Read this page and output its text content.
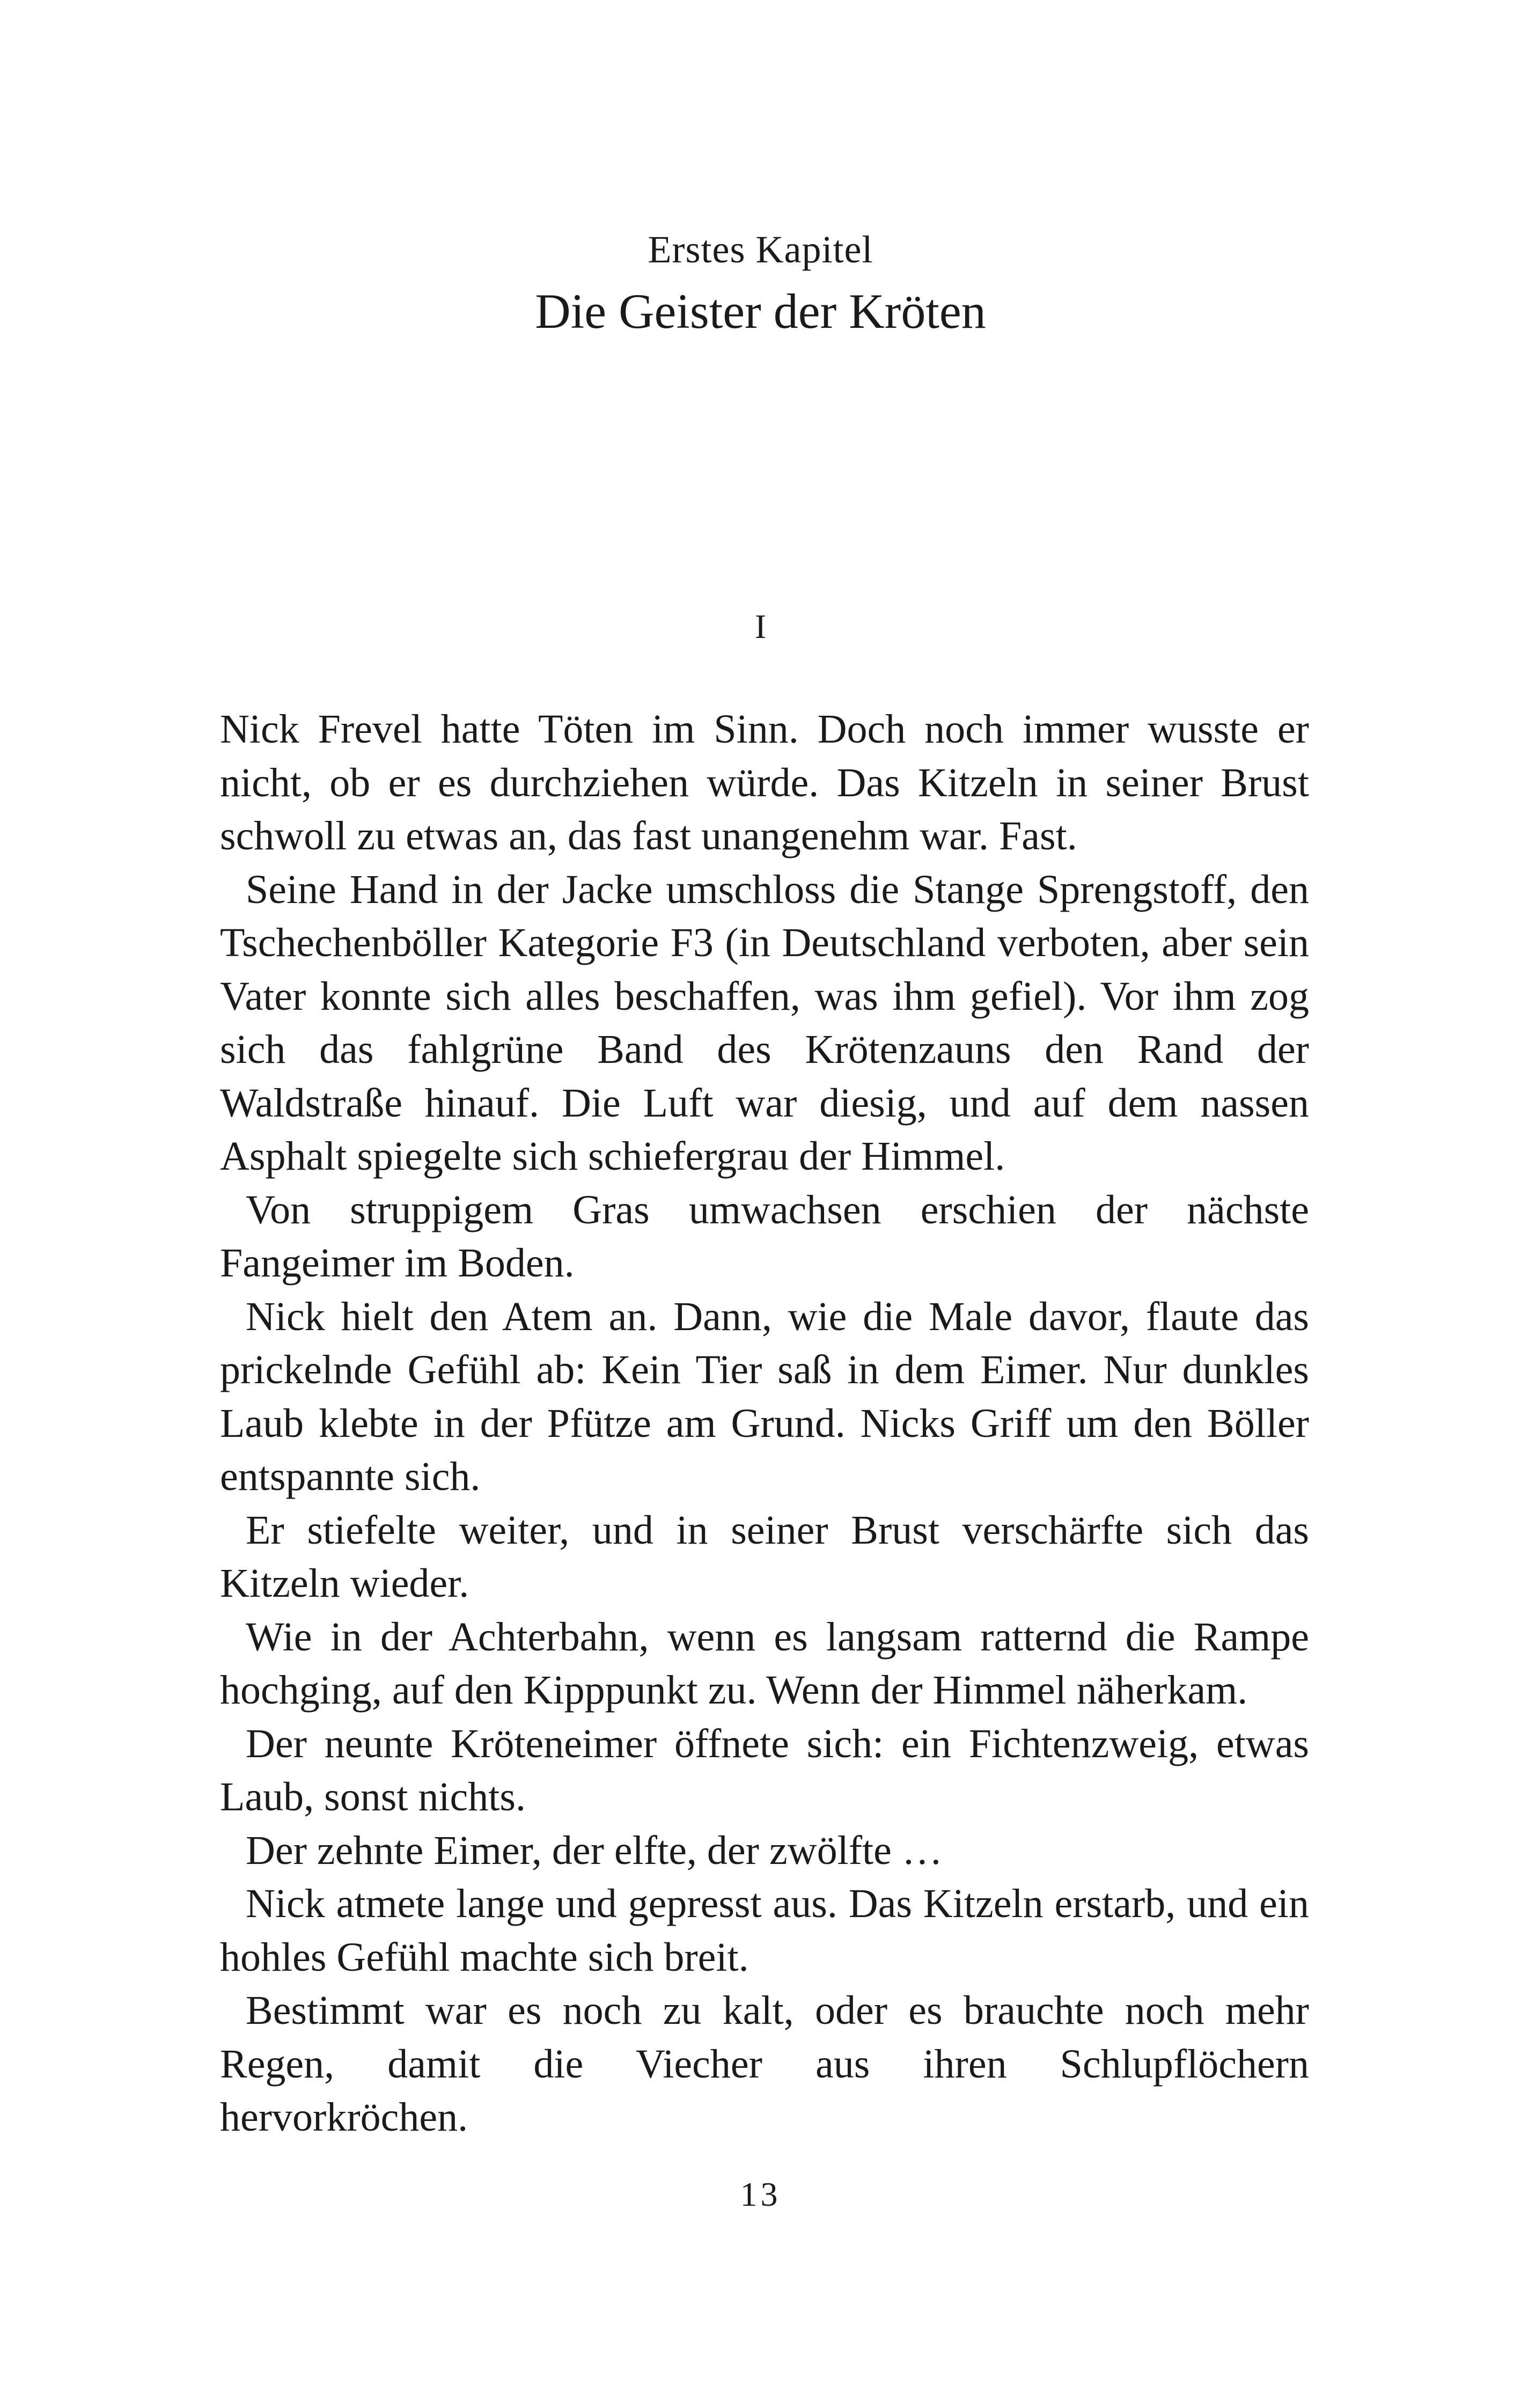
Erstes Kapitel
Die Geister der Kröten
I

Nick Frevel hatte Töten im Sinn. Doch noch immer wusste er nicht, ob er es durchziehen würde. Das Kitzeln in seiner Brust schwoll zu etwas an, das fast unangenehm war. Fast.

Seine Hand in der Jacke umschloss die Stange Sprengstoff, den Tschechenböller Kategorie F3 (in Deutschland verboten, aber sein Vater konnte sich alles beschaffen, was ihm gefiel). Vor ihm zog sich das fahlgrüne Band des Krötenzauns den Rand der Waldstraße hinauf. Die Luft war diesig, und auf dem nassen Asphalt spiegelte sich schiefergrau der Himmel.

Von struppigem Gras umwachsen erschien der nächste Fangeimer im Boden.

Nick hielt den Atem an. Dann, wie die Male davor, flaute das prickelnde Gefühl ab: Kein Tier saß in dem Eimer. Nur dunkles Laub klebte in der Pfütze am Grund. Nicks Griff um den Böller entspannte sich.

Er stiefelte weiter, und in seiner Brust verschärfte sich das Kitzeln wieder.

Wie in der Achterbahn, wenn es langsam ratternd die Rampe hochging, auf den Kipppunkt zu. Wenn der Himmel näherkam.

Der neunte Kröteneimer öffnete sich: ein Fichtenzweig, etwas Laub, sonst nichts.

Der zehnte Eimer, der elfte, der zwölfte …

Nick atmete lange und gepresst aus. Das Kitzeln erstarb, und ein hohles Gefühl machte sich breit.

Bestimmt war es noch zu kalt, oder es brauchte noch mehr Regen, damit die Viecher aus ihren Schlupflöchern hervorkröchen.

13
